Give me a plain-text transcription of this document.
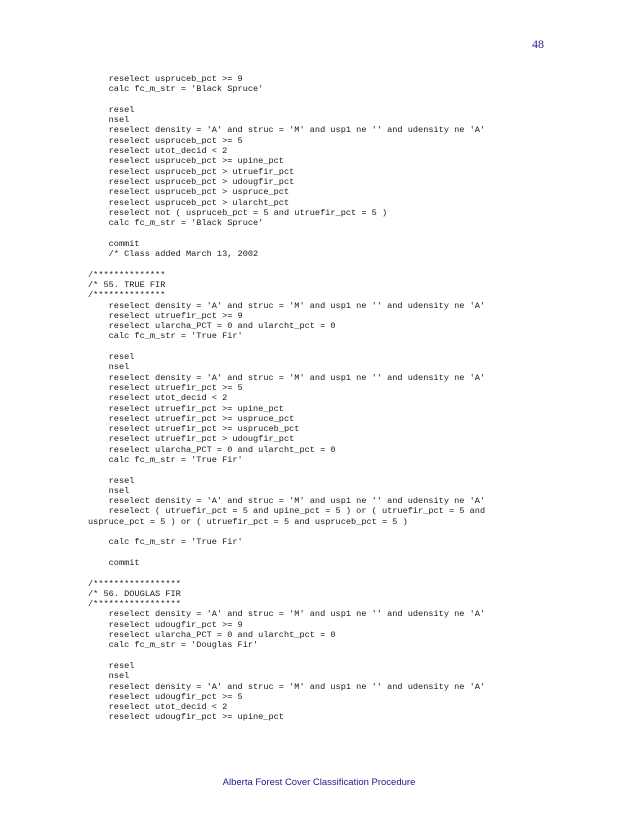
48
reselect uspruceb_pct >= 9
calc fc_m_str = 'Black Spruce'

resel
nsel
reselect density = 'A' and struc = 'M' and usp1 ne '' and udensity ne 'A'
reselect uspruceb_pct >= 5
reselect utot_decid < 2
reselect uspruceb_pct >= upine_pct
reselect uspruceb_pct > utruefir_pct
reselect uspruceb_pct > udougfir_pct
reselect uspruceb_pct > uspruce_pct
reselect uspruceb_pct > ularcht_pct
reselect not ( uspruceb_pct = 5 and utruefir_pct = 5 )
calc fc_m_str = 'Black Spruce'

commit
/* Class added March 13, 2002

/**************
/* 55. TRUE FIR
/**************
reselect density = 'A' and struc = 'M' and usp1 ne '' and udensity ne 'A'
reselect utruefir_pct >= 9
reselect ularcha_PCT = 0 and ularcht_pct = 0
calc fc_m_str = 'True Fir'

resel
nsel
reselect density = 'A' and struc = 'M' and usp1 ne '' and udensity ne 'A'
reselect utruefir_pct >= 5
reselect utot_decid < 2
reselect utruefir_pct >= upine_pct
reselect utruefir_pct >= uspruce_pct
reselect utruefir_pct >= uspruceb_pct
reselect utruefir_pct > udougfir_pct
reselect ularcha_PCT = 0 and ularcht_pct = 0
calc fc_m_str = 'True Fir'

resel
nsel
reselect density = 'A' and struc = 'M' and usp1 ne '' and udensity ne 'A'
reselect ( utruefir_pct = 5 and upine_pct = 5 ) or ( utruefir_pct = 5 and
uspruce_pct = 5 ) or ( utruefir_pct = 5 and uspruceb_pct = 5 )

calc fc_m_str = 'True Fir'

commit

/*****************
/* 56. DOUGLAS FIR
/*****************
reselect density = 'A' and struc = 'M' and usp1 ne '' and udensity ne 'A'
reselect udougfir_pct >= 9
reselect ularcha_PCT = 0 and ularcht_pct = 0
calc fc_m_str = 'Douglas Fir'

resel
nsel
reselect density = 'A' and struc = 'M' and usp1 ne '' and udensity ne 'A'
reselect udougfir_pct >= 5
reselect utot_decid < 2
reselect udougfir_pct >= upine_pct
Alberta Forest Cover Classification Procedure
